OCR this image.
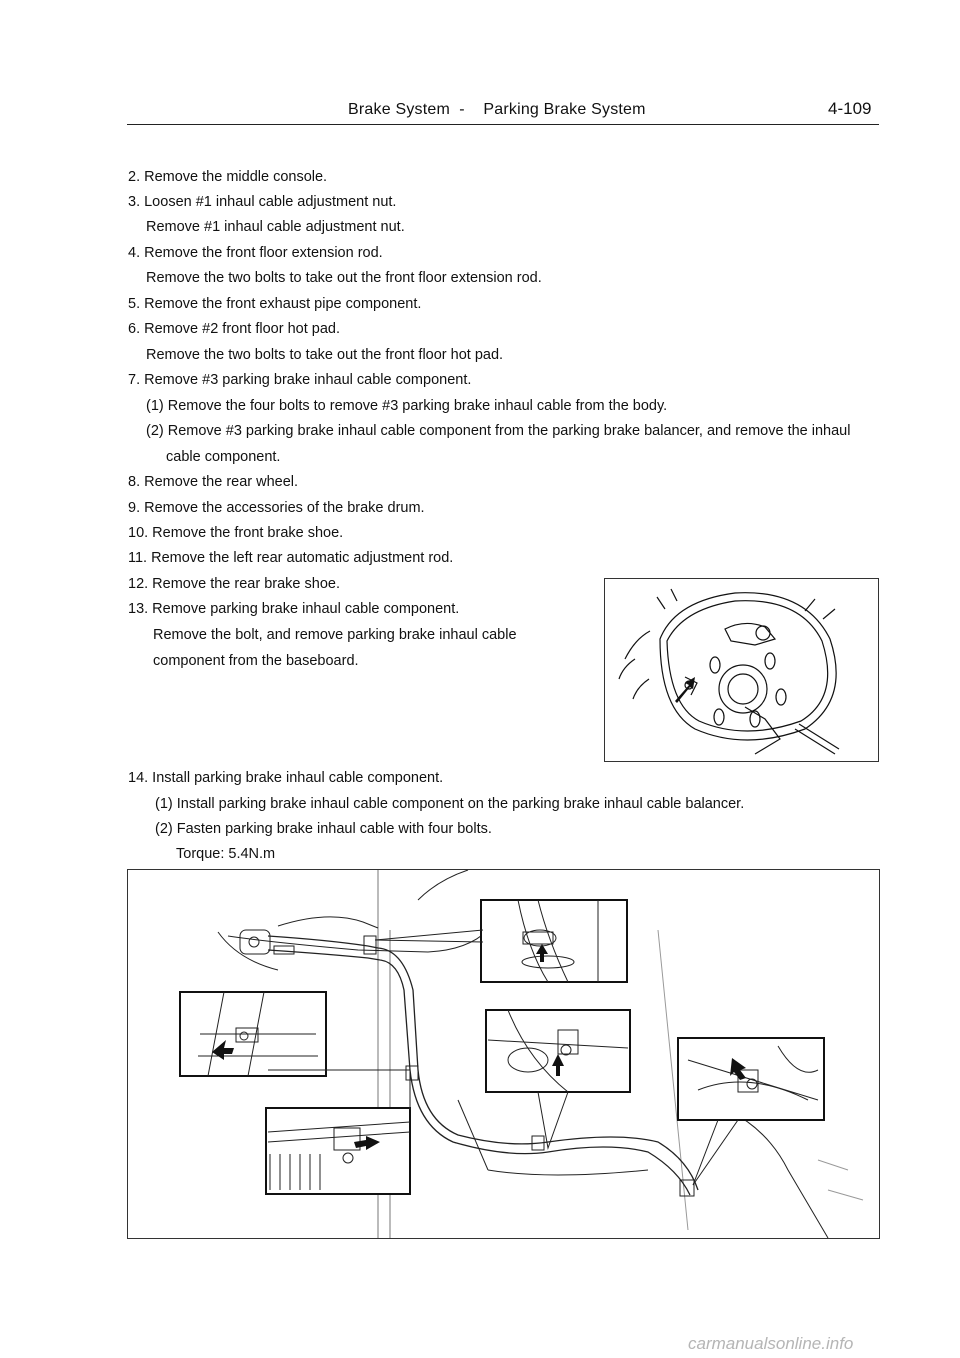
Brake System  -    Parking Brake System	4-109
2. Remove the middle console.
3. Loosen #1 inhaul cable adjustment nut.
Remove #1 inhaul cable adjustment nut.
4. Remove the front floor extension rod.
Remove the two bolts to take out the front floor extension rod.
5. Remove the front exhaust pipe component.
6. Remove #2 front floor hot pad.
Remove the two bolts to take out the front floor hot pad.
7. Remove #3 parking brake inhaul cable component.
(1) Remove the four bolts to remove #3 parking brake inhaul cable from the body.
(2) Remove #3 parking brake inhaul cable component from the parking brake balancer, and remove the inhaul
cable component.
8. Remove the rear wheel.
9. Remove the accessories of the brake drum.
10. Remove the front brake shoe.
11. Remove the left rear automatic adjustment rod.
12. Remove the rear brake shoe.
13. Remove parking brake inhaul cable component.
Remove the bolt, and remove parking brake inhaul cable
component from the baseboard.
14. Install parking brake inhaul cable component.
(1) Install parking brake inhaul cable component on the parking brake inhaul cable balancer.
(2) Fasten parking brake inhaul cable with four bolts.
Torque: 5.4N.m
carmanualsonline.info
